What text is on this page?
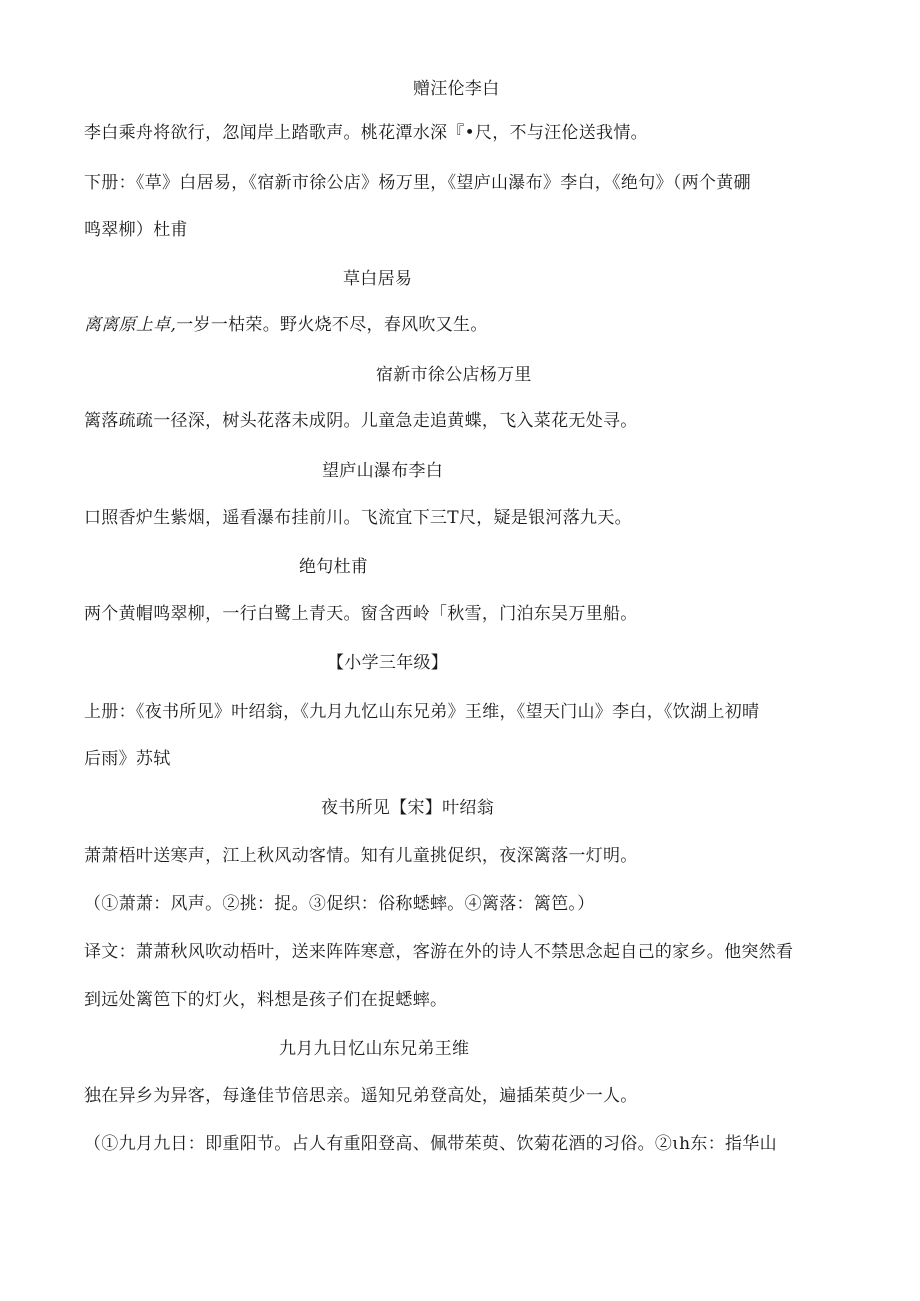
赠汪伦李白
李白乘舟将欲行，忽闻岸上踏歌声。桃花潭水深『•尺，不与汪伦送我情。
下册：《草》白居易，《宿新市徐公店》杨万里，《望庐山瀑布》李白，《绝句》（两个黄硼
鸣翠柳）杜甫
草白居易
离离原上卓,一岁一枯荣。野火烧不尽，春风吹又生。
宿新市徐公店杨万里
篱落疏疏一径深，树头花落未成阴。儿童急走追黄蝶，飞入菜花无处寻。
望庐山瀑布李白
口照香炉生紫烟，遥看瀑布挂前川。飞流宜下三T尺，疑是银河落九天。
绝句杜甫
两个黄帽鸣翠柳，一行白鹭上青天。窗含西岭「秋雪，门泊东吴万里船。
【小学三年级】
上册：《夜书所见》叶绍翁，《九月九忆山东兄弟》王维，《望天门山》李白，《饮湖上初晴
后雨》苏轼
夜书所见【宋】叶绍翁
萧萧梧叶送寒声，江上秋风动客情。知有儿童挑促织，夜深篱落一灯明。
（①萧萧：风声。②挑：捉。③促织：俗称蟋蟀。④篱落：篱笆。）
译文：萧萧秋风吹动梧叶，送来阵阵寒意，客游在外的诗人不禁思念起自己的家乡。他突然看
到远处篱笆下的灯火，料想是孩子们在捉蟋蟀。
九月九日忆山东兄弟王维
独在异乡为异客，每逢佳节倍思亲。遥知兄弟登高处，遍插茱萸少一人。
（①九月九日：即重阳节。占人有重阳登高、佩带茱萸、饮菊花酒的习俗。②ɩh东：指华山
